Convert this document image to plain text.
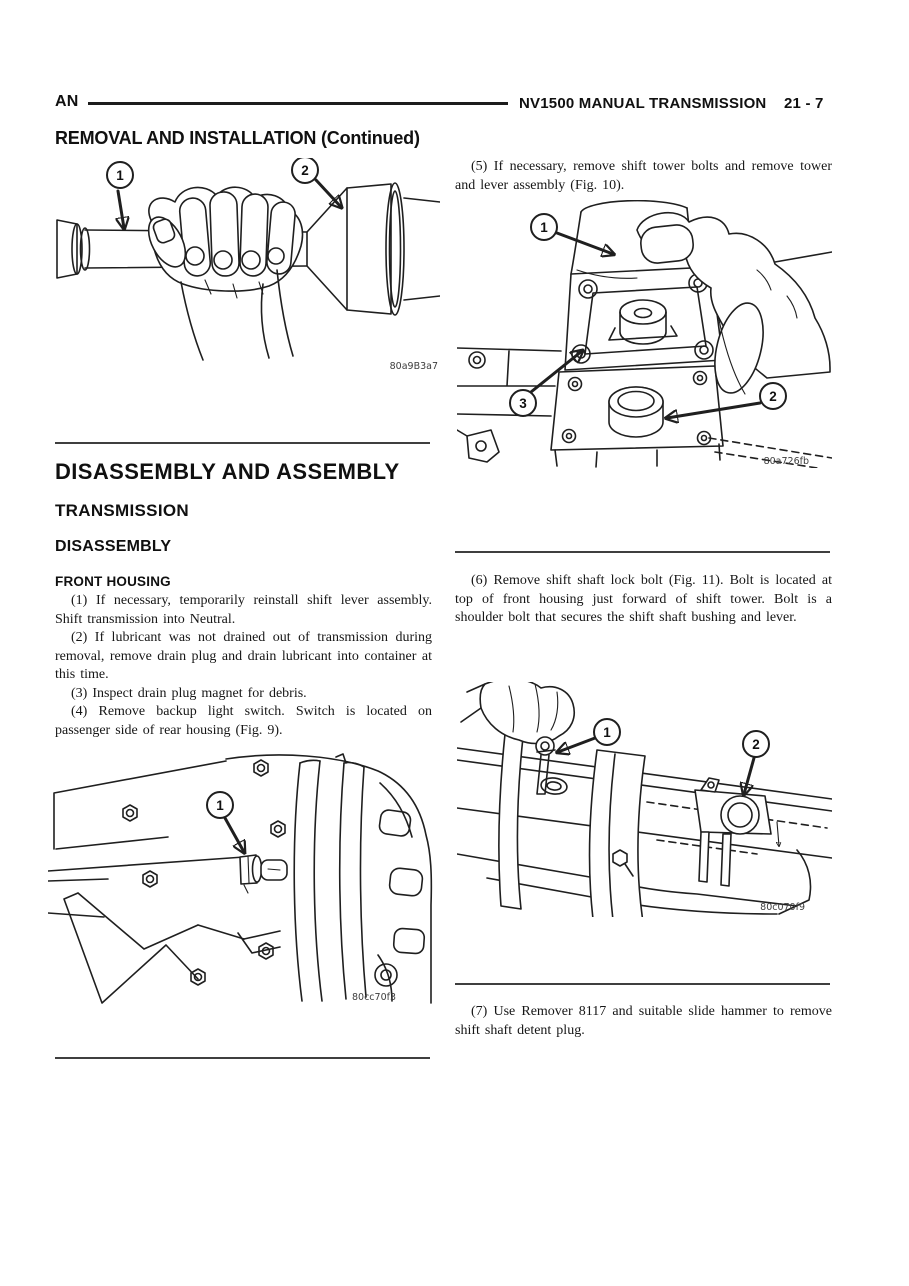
AN	NV1500 MANUAL TRANSMISSION 21 - 7
REMOVAL AND INSTALLATION (Continued)
1	2
80a9B3a7
DISASSEMBLY AND ASSEMBLY
TRANSMISSION
DISASSEMBLY
FRONT HOUSING

(1) If necessary, temporarily reinstall shift lever assembly. Shift transmission into Neutral.

(2) If lubricant was not drained out of transmission during removal, remove drain plug and drain lubricant into container at this time.

(3) Inspect drain plug magnet for debris.

(4) Remove backup light switch. Switch is located on passenger side of rear housing (Fig. 9).

1
80cc70f3

(5) If necessary, remove shift tower bolts and remove tower and lever assembly (Fig. 10).

1
3	2
80a726fb

(6) Remove shift shaft lock bolt (Fig. 11). Bolt is located at top of front housing just forward of shift tower. Bolt is a shoulder bolt that secures the shift shaft bushing and lever.

1
2
80c070f9

(7) Use Remover 8117 and suitable slide hammer to remove shift shaft detent plug.
